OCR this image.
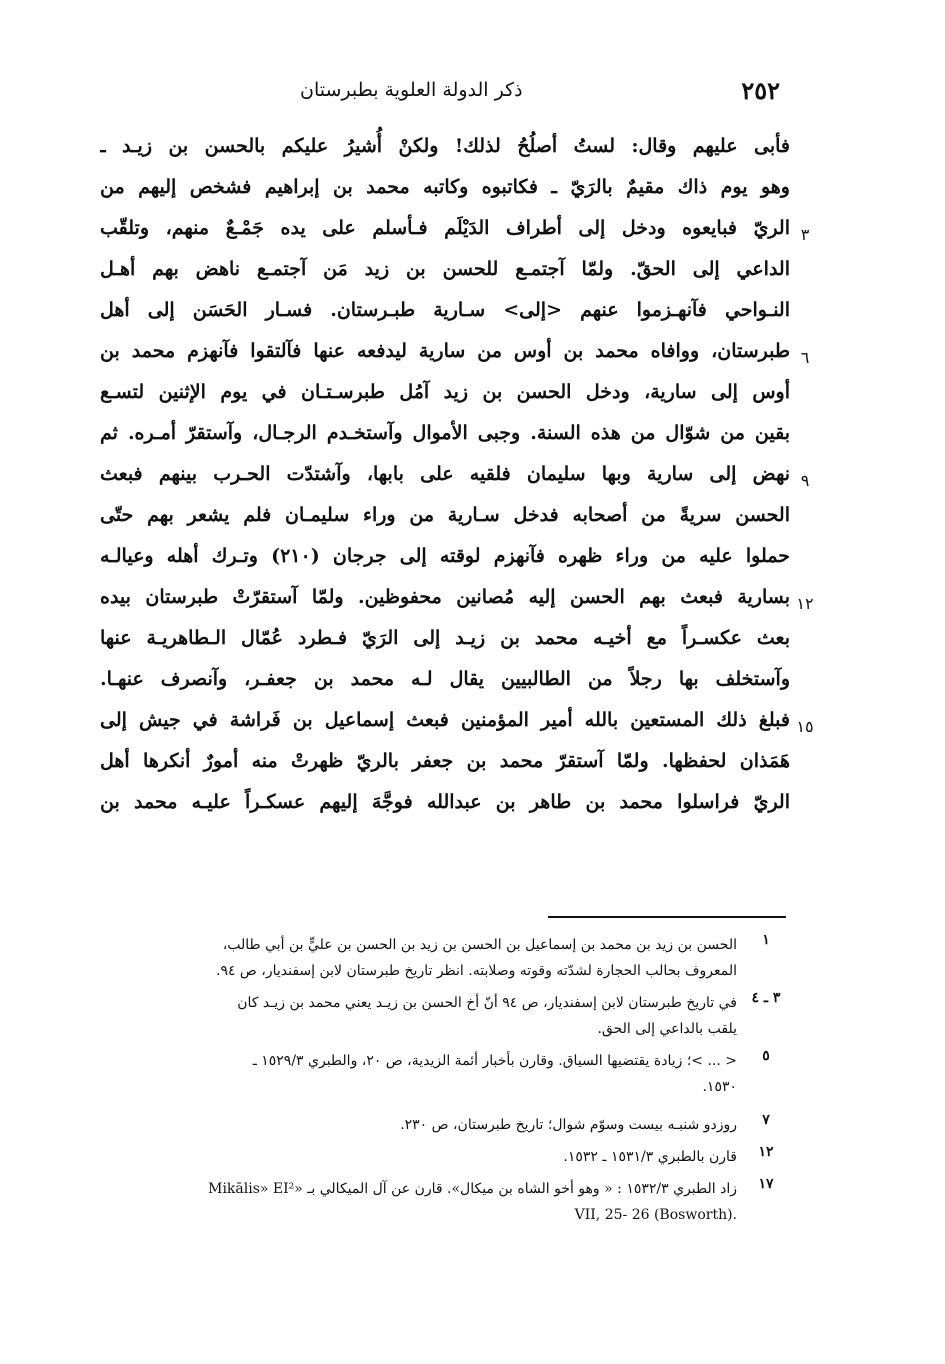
٢٥٢
ذكر الدولة العلوية بطبرستان
فأبى عليهم وقال: لستُ أصلُحُ لذلك! ولكنْ أُشيرُ عليكم بالحسن بن زيـد ـ
وهو يوم ذاك مقيمٌ بالرَيّ ـ فكاتبوه وكاتبه محمد بن إبراهيم فشخص إليهم من
الريّ فبايعوه ودخل إلى أطراف الدَيْلَم فـأسلم على يده جَمْـعٌ منهم، وتلقّب
الداعي إلى الحقّ. ولمّا آجتمـع للحسن بن زيد مَن آجتمـع ناهض بهم أهـل
النـواحي فآنهـزموا عنهم <إلى> سـارية طبـرستان. فسـار الحَسَن إلى أهل
طبرستان، ووافاه محمد بن أوس من سارية ليدفعه عنها فآلتقوا فآنهزم محمد بن
أوس إلى سارية، ودخل الحسن بن زيد آمُل طبرسـتـان في يوم الإثنين لتسـع
بقين من شوّال من هذه السنة. وجبى الأموال وآستخـدم الرجـال، وآستقرّ أمـره. ثم
نهض إلى سارية وبها سليمان فلقيه على بابها، وآشتدّت الحـرب بينهم فبعث
الحسن سريةً من أصحابه فدخل سـارية من وراء سليمـان فلم يشعر بهم حتّى
حملوا عليه من وراء ظهره فآنهزم لوقته إلى جرجان (٢١٠) وتـرك أهله وعيالـه
بسارية فبعث بهم الحسن إليه مُصانين محفوظين. ولمّا آستقرّتْ طبرستان بيده
بعث عكسـراً مع أخيـه محمد بن زيـد إلى الرَيّ فـطرد عُمّال الـطاهريـة عنها
وآستخلف بها رجلاً من الطالبيين يقال لـه محمد بن جعفـر، وآنصرف عنهـا.
فبلغ ذلك المستعين بالله أمير المؤمنين فبعث إسماعيل بن فَراشة في جيش إلى
هَمَذان لحفظها. ولمّا آستقرّ محمد بن جعفر بالريّ ظهرتْ منه أمورٌ أنكرها أهل
الريّ فراسلوا محمد بن طاهر بن عبدالله فوجَّهَ إليهم عسكـراً عليـه محمد بن
٣
٦
٩
١٢
١٥
١
الحسن بن زيد بن محمد بن إسماعيل بن الحسن بن زيد بن الحسن بن عليٍّ بن أبي طالب،
المعروف بحالب الحجارة لشدّته وقوته وصلابته. انظر تاريخ طبرستان لابن إسفنديار، ص ٩٤.
٣ ـ ٤
في تاريخ طبرستان لابن إسفنديار، ص ٩٤ أنّ أخ الحسن بن زيـد يعني محمد بن زيـد كان
يلقب بالداعي إلى الحق.
٥
< ... >؛ زيادة يقتضيها السياق. وقارن بأخبار أئمة الزيدية، ص ٢٠، والطبري ١٥٢٩/٣ ـ
١٥٣٠.
٧
روزدو شنبـه بيست وسوّم شوال؛ تاريخ طبرستان، ص ٢٣٠.
١٢
قارن بالطبري ١٥٣١/٣ ـ ١٥٣٢.
١٧
زاد الطبري ١٥٣٢/٣ : « وهو أخو الشاه بن ميكال». قارن عن آل الميكالي بـ «Mikālis» EI²
.VII, 25- 26 (Bosworth)
